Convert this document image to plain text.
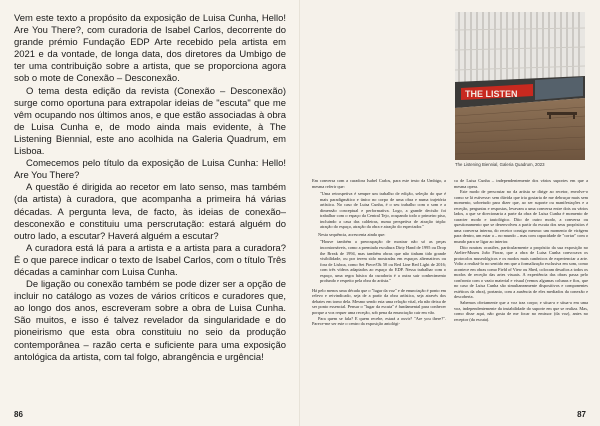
Vem este texto a propósito da exposição de Luisa Cunha, Hello! Are You There?, com curadoria de Isabel Carlos, decorrente do grande prémio Fundação EDP Arte recebido pela artista em 2021 e da vontade, de longa data, dos diretores da Umbigo de ter uma contribuição sobre a artista, que se proporciona agora sob o mote de Conexão – Desconexão.

O tema desta edição da revista (Conexão – Desconexão) surge como oportuna para extrapolar ideias de "escuta" que me vêm ocupando nos últimos anos, e que estão associadas à obra de Luisa Cunha e, de modo ainda mais evidente, à The Listening Biennial, este ano acolhida na Galeria Quadrum, em Lisboa.

Comecemos pelo título da exposição de Luisa Cunha: Hello! Are You There?

A questão é dirigida ao recetor em lato senso, mas também (da artista) à curadora, que acompanha a primeira há várias décadas. A pergunta leva, de facto, às ideias de conexão–desconexão e constituiu uma perscrutação: estará alguém do outro lado, a escutar? Haverá alguém a escutar?

A curadora está lá para a artista e a artista para a curadora? É o que parece indicar o texto de Isabel Carlos, com o título Três décadas a caminhar com Luisa Cunha.

De ligação ou conexão também se pode dizer ser a opção de incluir no catálogo as vozes de vários críticos e curadores que, ao longo dos anos, escreveram sobre a obra de Luisa Cunha. São muitos, e isso é talvez revelador da singularidade e do pioneirismo que esta obra constituiu no seio da produção contemporânea – razão certa e suficiente para uma exposição antológica da artista, com tal folgo, abrangência e urgência!

86
THE LISTEN
The Listening Biennial, Galeria Quadrum, 2023

Em conversa com a curadora Isabel Carlos, para este texto da Umbigo, a mesma referir que:

"Uma retrospetiva é sempre um trabalho de edição, seleção do que é mais paradigmático e único no corpo de uma obra e numa trajetória artística. No caso de Luisa Cunha, é o seu trabalho com o som e a dimensão conceptual e performativa. Logo, a grande decisão foi trabalhar com o espaço da Central Tejo, ocupando todo o primeiro piso, incluindo a casa das caldeiras, numa perspetiva de atração tripla: atração do espaço, atração da obra e atração do espectador."

Nesta sequência, acrescenta ainda que:

"Houve também a preocupação de mostrar não só as peças incontornáveis, como a premiada escultura Dirty Hand de 1995 ou Drop the Break de 1994, mas também obras que não tinham tido grande visibilidade, ou por terem sido mostradas em espaços alternativos ou fora de Lisboa, como Set Piece/Ok 50 ou Red Line Red Light de 2016; com três vídeos adaptados ao espaço do EDP. Nessa trabalhar com o espaço, uma regra básica da curadoria é a outra sair conhecimento profundo e respeito pela obra do artista."

Há pelo menos uma década que o "lugar da voz" e de enunciação é ponto em relevo e reivindicado, seja de a partir da obra artística, seja através dos debates em torno dela. Mesmo sendo esta uma relação vital, ela não deixa de ser ponto essencial. Pensar o "lugar da escuta" é fundamental para conhecer porque a voz requer uma receção, sob pena da enunciação cair em vão.

Para quem se fala? E quem recebe, estará a ouvir? "Are you there?". Parece-me ser este o centro da exposição antológi-

ca de Luisa Cunha – independentemente dos vários suportes em que a mesma opera.

Este modo de perscrutar no da artista se dirige ao recetor, envolve-o como se lá estivesse: sem dúvida que iria gostaria de me debruçar mais sem momento, sobretudo para dizer que, ao ser suporte ou manifestações e a receção, perguntas e respostas, levavam a uma conversa entre dois ou vários lados, a que se direcionaria a parte da obra de Luisa Cunha é momento de caracter modo e tautológico. Dito de outro modo, a conversa ou questionamento que se desenvolveu a partir da escuta dos seus propósitos é uma conversa interna, do recetor consigo mesmo: um momento de virágem para dentro, um estar a – no mundo – mas com capacidade de "cortar" com o mundo para se ligar ao interior.

Dito noutras ocasiões, particularmente a propósito da sua exposição no Atelier-Museu João Fiorar, que a obra de Luisa Cunha convocava os protocolos museológicos e os modos mais canônicos de experienciar a arte. Volto a realizá-lo no sentido em que a formalização exclusiva em som, como acontece em obras como Field of View ou Shed, colocam desafios a todos os modos de receção das artes visuais. A experiência das obras passa pelo confronto com o vazio material e visual (vemos algumas colunas e fios, que no caso de Luisa Cunha são simultaneamente dispositivos e componentes estéticos da obra), portanto, com a ausência de eles mediados da conexão e descoberta.

Sabemos obviamente que a voz traz corpo; e situa-a e situa-a em uma voz, independentemente da instabilidade do suporte em que se realiza. Mas, como disse aqui, não gosta de me focar no emissor (da voz), antes no receptor (da escuta).

87
